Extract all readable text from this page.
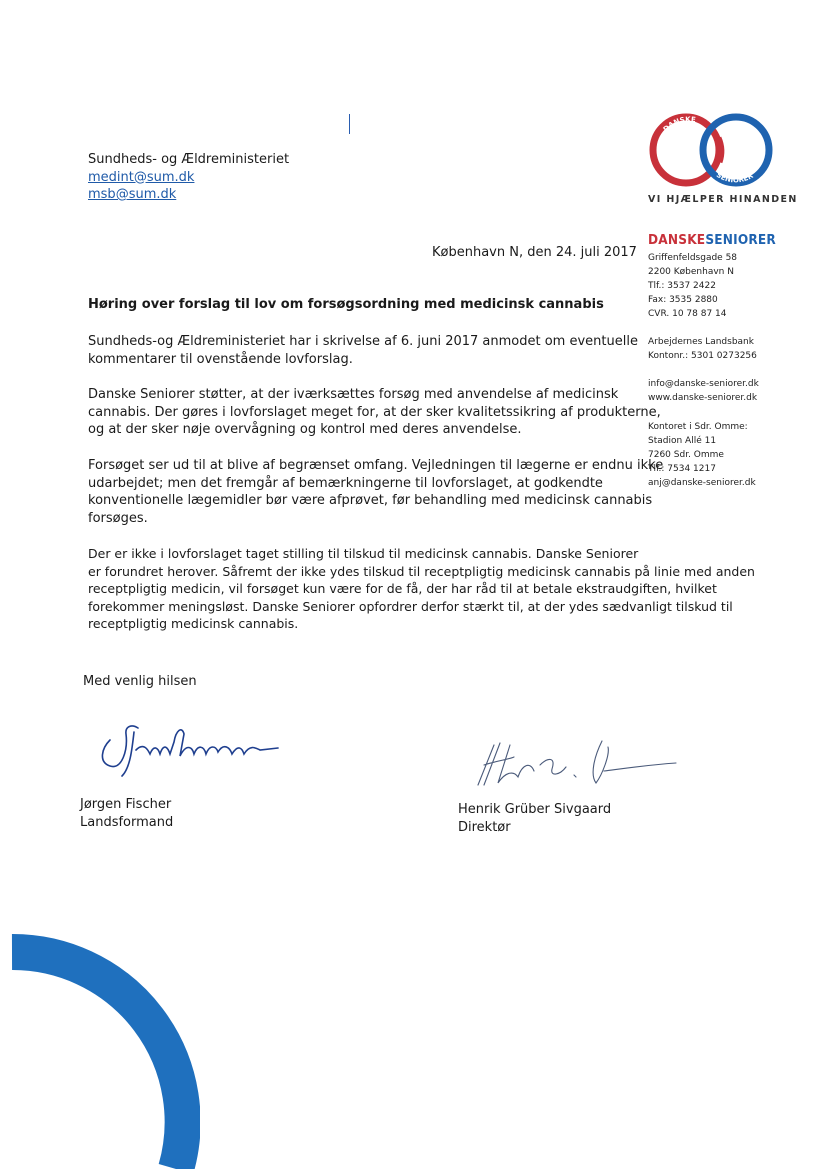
Sundheds- og Ældreministeriet
medint@sum.dk
msb@sum.dk
DANSKE
SENIORER
VI HJÆLPER HINANDEN
DANSKESENIORER
Griffenfeldsgade 58
2200 København N
Tlf.: 3537 2422
Fax: 3535 2880
CVR. 10 78 87 14
Arbejdernes Landsbank
Kontonr.: 5301 0273256
info@danske-seniorer.dk
www.danske-seniorer.dk
Kontoret i Sdr. Omme:
Stadion Allé 11
7260 Sdr. Omme
Tlf.: 7534 1217
anj@danske-seniorer.dk
København N, den 24. juli 2017
Høring over forslag til lov om forsøgsordning med medicinsk cannabis
Sundheds-og Ældreministeriet har i skrivelse af 6. juni 2017 anmodet om eventuelle
kommentarer til ovenstående lovforslag.
Danske Seniorer støtter, at der iværksættes forsøg med anvendelse af medicinsk
cannabis. Der gøres i lovforslaget meget for, at der sker kvalitetssikring af produkterne,
og at der sker nøje overvågning og kontrol med deres anvendelse.
Forsøget ser ud til at blive af begrænset omfang. Vejledningen til lægerne er endnu ikke
udarbejdet; men det fremgår af bemærkningerne til lovforslaget, at godkendte
konventionelle lægemidler bør være afprøvet, før behandling med medicinsk cannabis
forsøges.
Der er ikke i lovforslaget taget stilling til tilskud til medicinsk cannabis. Danske Seniorer
er forundret herover. Såfremt der ikke ydes tilskud til receptpligtig medicinsk cannabis på linie med anden
receptpligtig medicin, vil forsøget kun være for de få, der har råd til at betale ekstraudgiften, hvilket
forekommer meningsløst. Danske Seniorer opfordrer derfor stærkt til, at der ydes sædvanligt tilskud til
receptpligtig medicinsk cannabis.
Med venlig hilsen
Jørgen Fischer
Landsformand
Henrik Grüber Sivgaard
Direktør
